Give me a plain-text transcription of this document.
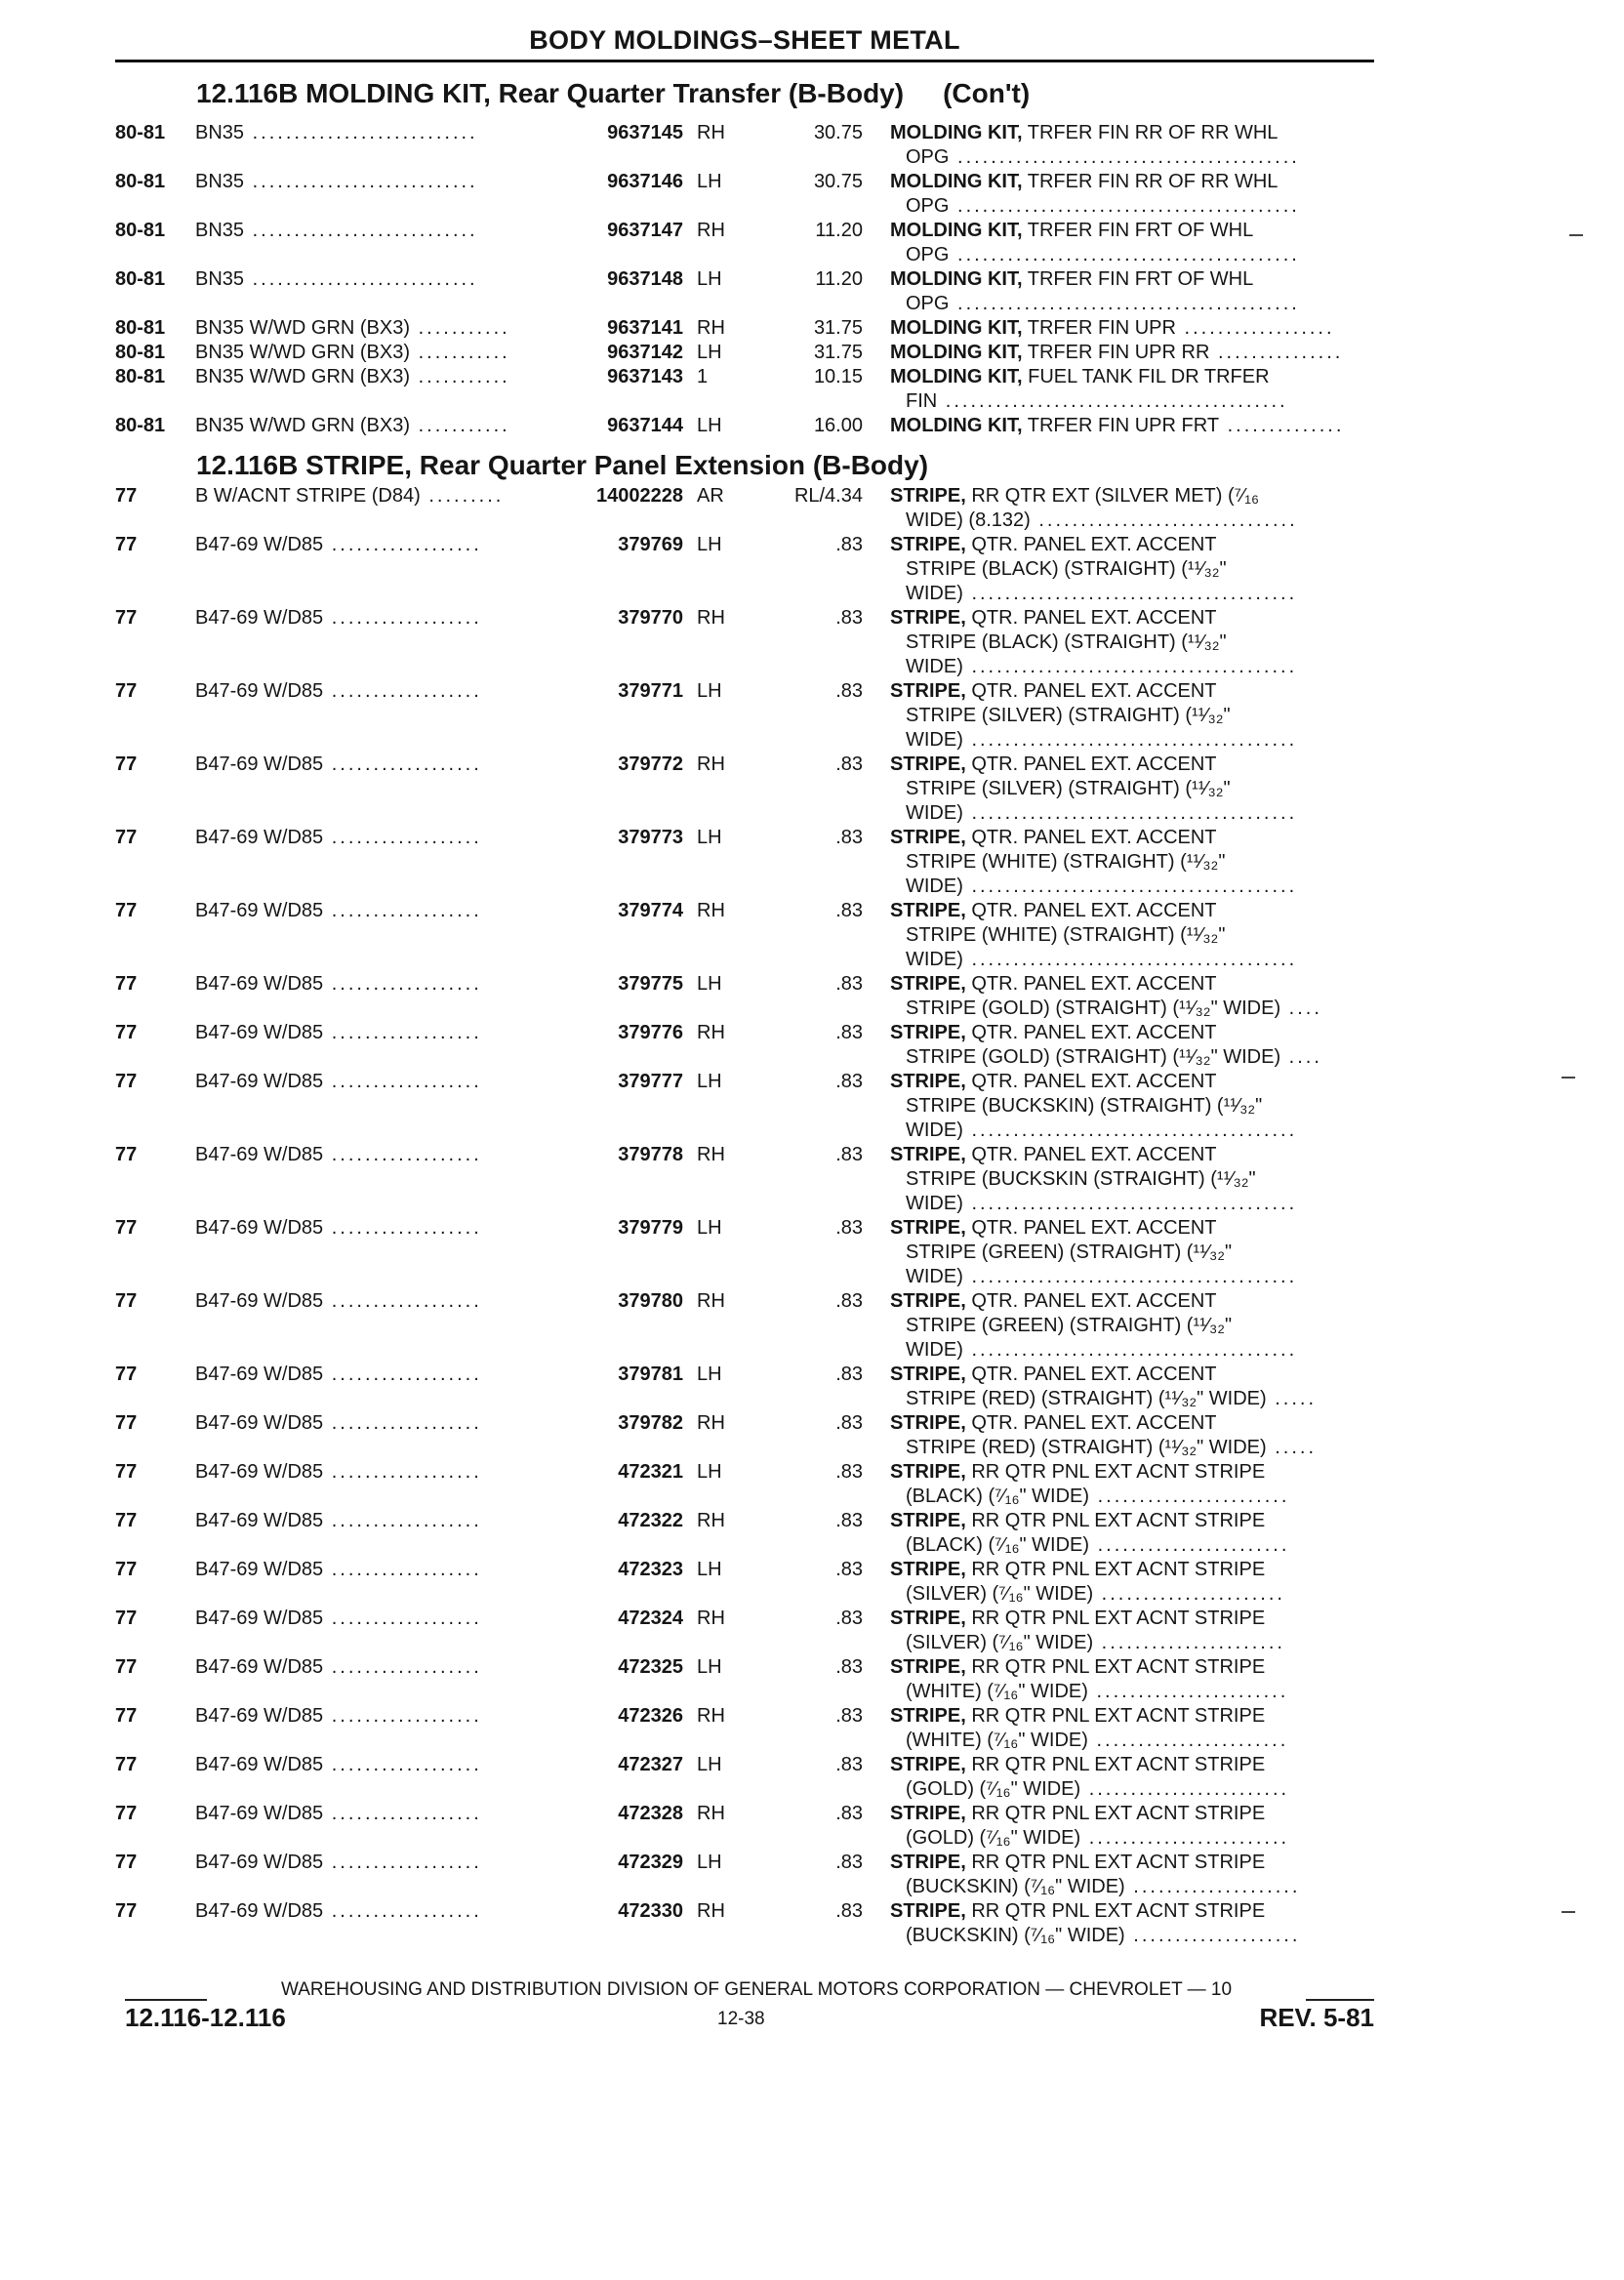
BODY MOLDINGS–SHEET METAL
12.116B MOLDING KIT, Rear Quarter Transfer (B-Body) (Con't)
12.116B STRIPE, Rear Quarter Panel Extension (B-Body)
80-81 BN35 ...........................	9637145 RH	30.75 MOLDING KIT, TRFER FIN RR OF RR WHL
OPG .........................................
80-81 BN35 ...........................	9637146 LH	30.75 MOLDING KIT, TRFER FIN RR OF RR WHL
OPG .........................................
80-81 BN35 ...........................	9637147 RH	11.20 MOLDING KIT, TRFER FIN FRT OF WHL
OPG .........................................
80-81 BN35 ...........................	9637148 LH	11.20 MOLDING KIT, TRFER FIN FRT OF WHL
OPG .........................................
80-81 BN35 W/WD GRN (BX3) ...........	9637141 RH	31.75 MOLDING KIT, TRFER FIN UPR ..................
80-81 BN35 W/WD GRN (BX3) ...........	9637142 LH	31.75 MOLDING KIT, TRFER FIN UPR RR ...............
80-81 BN35 W/WD GRN (BX3) ...........	9637143 1	10.15 MOLDING KIT, FUEL TANK FIL DR TRFER
FIN .........................................
80-81 BN35 W/WD GRN (BX3) ...........	9637144 LH	16.00 MOLDING KIT, TRFER FIN UPR FRT ..............
77	B W/ACNT STRIPE (D84) .........	14002228 AR	RL/4.34 STRIPE, RR QTR EXT (SILVER MET) (⁷⁄₁₆
WIDE) (8.132) ...............................
77	B47-69 W/D85 ..................	379769 LH	.83 STRIPE, QTR. PANEL EXT. ACCENT
STRIPE (BLACK) (STRAIGHT) (¹¹⁄₃₂"
WIDE) .......................................
77	B47-69 W/D85 ..................	379770 RH	.83 STRIPE, QTR. PANEL EXT. ACCENT
STRIPE (BLACK) (STRAIGHT) (¹¹⁄₃₂"
WIDE) .......................................
77	B47-69 W/D85 ..................	379771 LH	.83 STRIPE, QTR. PANEL EXT. ACCENT
STRIPE (SILVER) (STRAIGHT) (¹¹⁄₃₂"
WIDE) .......................................
77	B47-69 W/D85 ..................	379772 RH	.83 STRIPE, QTR. PANEL EXT. ACCENT
STRIPE (SILVER) (STRAIGHT) (¹¹⁄₃₂"
WIDE) .......................................
77	B47-69 W/D85 ..................	379773 LH	.83 STRIPE, QTR. PANEL EXT. ACCENT
STRIPE (WHITE) (STRAIGHT) (¹¹⁄₃₂"
WIDE) .......................................
77	B47-69 W/D85 ..................	379774 RH	.83 STRIPE, QTR. PANEL EXT. ACCENT
STRIPE (WHITE) (STRAIGHT) (¹¹⁄₃₂"
WIDE) .......................................
77	B47-69 W/D85 ..................	379775 LH	.83 STRIPE, QTR. PANEL EXT. ACCENT
STRIPE (GOLD) (STRAIGHT) (¹¹⁄₃₂" WIDE) ....
77	B47-69 W/D85 ..................	379776 RH	.83 STRIPE, QTR. PANEL EXT. ACCENT
STRIPE (GOLD) (STRAIGHT) (¹¹⁄₃₂" WIDE) ....
77	B47-69 W/D85 ..................	379777 LH	.83 STRIPE, QTR. PANEL EXT. ACCENT
STRIPE (BUCKSKIN) (STRAIGHT) (¹¹⁄₃₂"
WIDE) .......................................
77	B47-69 W/D85 ..................	379778 RH	.83 STRIPE, QTR. PANEL EXT. ACCENT
STRIPE (BUCKSKIN (STRAIGHT) (¹¹⁄₃₂"
WIDE) .......................................
77	B47-69 W/D85 ..................	379779 LH	.83 STRIPE, QTR. PANEL EXT. ACCENT
STRIPE (GREEN) (STRAIGHT) (¹¹⁄₃₂"
WIDE) .......................................
77	B47-69 W/D85 ..................	379780 RH	.83 STRIPE, QTR. PANEL EXT. ACCENT
STRIPE (GREEN) (STRAIGHT) (¹¹⁄₃₂"
WIDE) .......................................
77	B47-69 W/D85 ..................	379781 LH	.83 STRIPE, QTR. PANEL EXT. ACCENT
STRIPE (RED) (STRAIGHT) (¹¹⁄₃₂" WIDE) .....
77	B47-69 W/D85 ..................	379782 RH	.83 STRIPE, QTR. PANEL EXT. ACCENT
STRIPE (RED) (STRAIGHT) (¹¹⁄₃₂" WIDE) .....
77	B47-69 W/D85 ..................	472321 LH	.83 STRIPE, RR QTR PNL EXT ACNT STRIPE
(BLACK) (⁷⁄₁₆" WIDE) .......................
77	B47-69 W/D85 ..................	472322 RH	.83 STRIPE, RR QTR PNL EXT ACNT STRIPE
(BLACK) (⁷⁄₁₆" WIDE) .......................
77	B47-69 W/D85 ..................	472323 LH	.83 STRIPE, RR QTR PNL EXT ACNT STRIPE
(SILVER) (⁷⁄₁₆" WIDE) ......................
77	B47-69 W/D85 ..................	472324 RH	.83 STRIPE, RR QTR PNL EXT ACNT STRIPE
(SILVER) (⁷⁄₁₆" WIDE) ......................
77	B47-69 W/D85 ..................	472325 LH	.83 STRIPE, RR QTR PNL EXT ACNT STRIPE
(WHITE) (⁷⁄₁₆" WIDE) .......................
77	B47-69 W/D85 ..................	472326 RH	.83 STRIPE, RR QTR PNL EXT ACNT STRIPE
(WHITE) (⁷⁄₁₆" WIDE) .......................
77	B47-69 W/D85 ..................	472327 LH	.83 STRIPE, RR QTR PNL EXT ACNT STRIPE
(GOLD) (⁷⁄₁₆" WIDE) ........................
77	B47-69 W/D85 ..................	472328 RH	.83 STRIPE, RR QTR PNL EXT ACNT STRIPE
(GOLD) (⁷⁄₁₆" WIDE) ........................
77	B47-69 W/D85 ..................	472329 LH	.83 STRIPE, RR QTR PNL EXT ACNT STRIPE
(BUCKSKIN) (⁷⁄₁₆" WIDE) ....................
77	B47-69 W/D85 ..................	472330 RH	.83 STRIPE, RR QTR PNL EXT ACNT STRIPE
(BUCKSKIN) (⁷⁄₁₆" WIDE) ....................
WAREHOUSING AND DISTRIBUTION DIVISION OF GENERAL MOTORS CORPORATION — CHEVROLET — 10
12.116-12.116	12-38	REV. 5-81
